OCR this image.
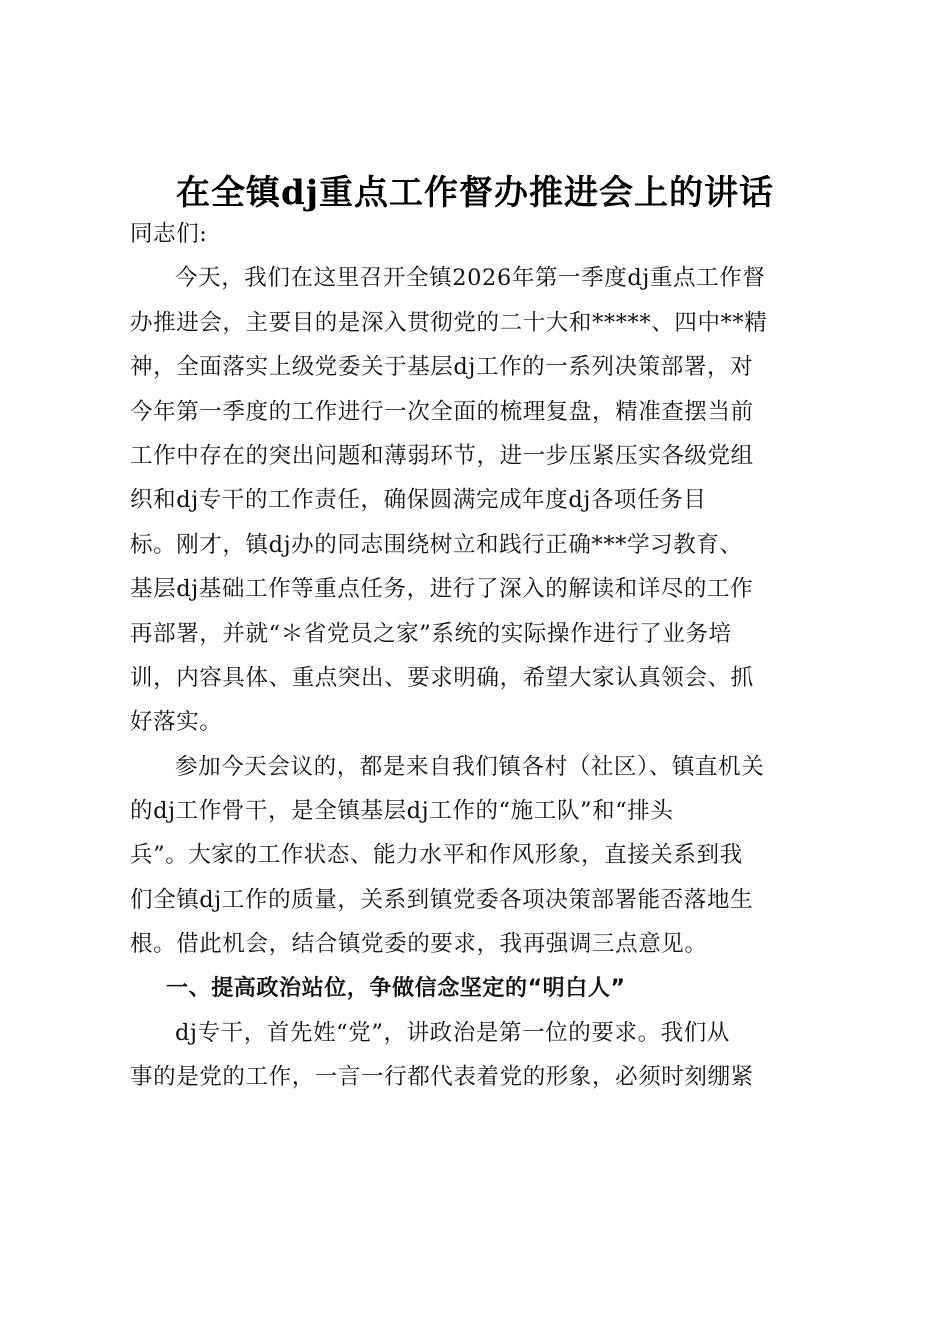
在全镇dj重点工作督办推进会上的讲话
同志们:
今天，我们在这里召开全镇2026年第一季度dj重点工作督
办推进会，主要目的是深入贯彻党的二十大和*****、四中**精
神，全面落实上级党委关于基层dj工作的一系列决策部署，对
今年第一季度的工作进行一次全面的梳理复盘，精准查摆当前
工作中存在的突出问题和薄弱环节，进一步压紧压实各级党组
织和dj专干的工作责任，确保圆满完成年度dj各项任务目
标。刚才，镇dj办的同志围绕树立和践行正确***学习教育、
基层dj基础工作等重点任务，进行了深入的解读和详尽的工作
再部署，并就“＊省党员之家”系统的实际操作进行了业务培
训，内容具体、重点突出、要求明确，希望大家认真领会、抓
好落实。
参加今天会议的，都是来自我们镇各村（社区）、镇直机关
的dj工作骨干，是全镇基层dj工作的“施工队”和“排头
兵”。大家的工作状态、能力水平和作风形象，直接关系到我
们全镇dj工作的质量，关系到镇党委各项决策部署能否落地生
根。借此机会，结合镇党委的要求，我再强调三点意见。
一、提高政治站位，争做信念坚定的“明白人”
dj专干，首先姓“党”，讲政治是第一位的要求。我们从
事的是党的工作，一言一行都代表着党的形象，必须时刻绷紧
